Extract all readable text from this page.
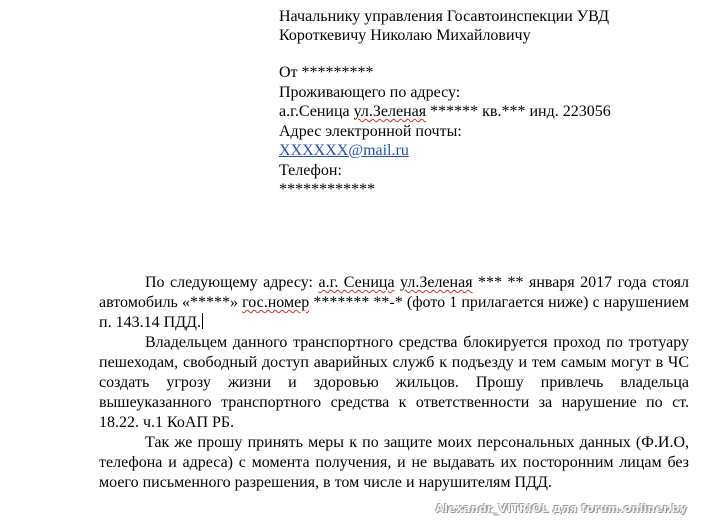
Начальнику управления Госавтоинспекции УВД
Короткевичу Николаю Михайловичу
От *********
Проживающего по адресу:
а.г.Сеница ул.Зеленая ****** кв.*** инд. 223056
Адрес электронной почты:
XXXXXX@mail.ru
Телефон:
************

По следующему адресу: а.г. Сеница ул.Зеленая *** ** января 2017 года стоял автомобиль «*****» гос.номер ******* **-* (фото 1 прилагается ниже) с нарушением п. 143.14 ПДД.

Владельцем данного транспортного средства блокируется проход по тротуару пешеходам, свободный доступ аварийных служб к подъезду и тем самым могут в ЧС создать угрозу жизни и здоровью жильцов. Прошу привлечь владельца вышеуказанного транспортного средства к ответственности за нарушение по ст. 18.22. ч.1 КоАП РБ.

Так же прошу принять меры к по защите моих персональных данных (Ф.И.О, телефона и адреса) с момента получения, и не выдавать их посторонним лицам без моего письменного разрешения, в том числе и нарушителям ПДД.

Alexandr_VITRIOL для forum.onliner.by
